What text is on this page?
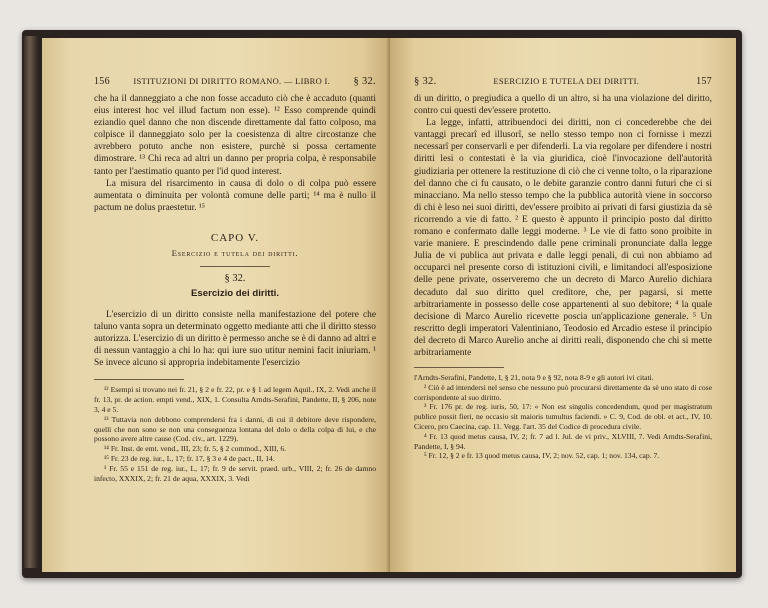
156	ISTITUZIONI DI DIRITTO ROMANO. — LIBRO I. § 32.

che ha il danneggiato a che non fosse accaduto ciò che è accaduto (quanti eius interest hoc vel illud factum non esse). ¹² Esso comprende quindi eziandio quel danno che non discende direttamente dal fatto colposo, ma colpisce il danneggiato solo per la coesistenza di altre circostanze che avrebbero potuto anche non esistere, purchè si possa certamente dimostrare. ¹³ Chi reca ad altri un danno per propria colpa, è responsabile tanto per l'aestimatio quanto per l'id quod interest.

La misura del risarcimento in causa di dolo o di colpa può essere aumentata o diminuita per volontà comune delle parti; ¹⁴ ma è nullo il pactum ne dolus praestetur. ¹⁵

CAPO V.
Esercizio e tutela dei diritti.
§ 32.
Esercizio dei diritti.

L'esercizio di un diritto consiste nella manifestazione del potere che taluno vanta sopra un determinato oggetto mediante atti che il diritto stesso autorizza. L'esercizio di un diritto è permesso anche se è di danno ad altri e di nessun vantaggio a chi lo ha: qui iure suo utitur nemini facit iniuriam. ¹ Se invece alcuno si appropria indebitamente l'esercizio

¹² Esempi si trovano nei fr. 21, § 2 e fr. 22, pr. e § 1 ad legem Aquil., IX, 2. Vedi anche il fr. 13, pr. de action. empti vend., XIX, 1. Consulta Arndts-Serafini, Pandette, II, § 206, note 3, 4 e 5.

¹³ Tuttavia non debbono comprendersi fra i danni, di cui il debitore deve rispondere, quelli che non sono se non una conseguenza lontana del dolo o della colpa di lui, e che possono avere altre cause (Cod. civ., art. 1229).

¹⁴ Fr. Inst. de emt. vend., III, 23; fr. 5, § 2 commod., XIII, 6.

¹⁵ Fr. 23 de reg. iur., L, 17; fr. 17, § 3 e 4 de pact., II, 14.

¹ Fr. 55 e 151 de reg. iur., L, 17; fr. 9 de servit. praed. urb., VIII, 2; fr. 26 de damno infecto, XXXIX, 2; fr. 21 de aqua, XXXIX, 3. Vedi

§ 32.	ESERCIZIO E TUTELA DEI DIRITTI.	157

di un diritto, o pregiudica a quello di un altro, si ha una violazione del diritto, contro cui questi dev'essere protetto.

La legge, infatti, attribuendoci dei diritti, non ci concederebbe che dei vantaggi precarî ed illusorî, se nello stesso tempo non ci fornisse i mezzi necessarî per conservarli e per difenderli. La via regolare per difendere i nostri diritti lesi o contestati è la via giuridica, cioè l'invocazione dell'autorità giudiziaria per ottenere la restituzione di ciò che ci venne tolto, o la riparazione del danno che ci fu causato, o le debite garanzie contro danni futuri che ci si minacciano. Ma nello stesso tempo che la pubblica autorità viene in soccorso di chi è leso nei suoi diritti, dev'essere proibito ai privati di farsi giustizia da sè ricorrendo a vie di fatto. ² E questo è appunto il principio posto dal diritto romano e confermato dalle leggi moderne. ³ Le vie di fatto sono proibite in varie maniere. E prescindendo dalle pene criminali pronunciate dalla legge Julia de vi publica aut privata e dalle leggi penali, di cui non abbiamo ad occuparci nel presente corso di istituzioni civili, e limitandoci all'esposizione delle pene private, osserveremo che un decreto di Marco Aurelio dichiara decaduto dal suo diritto quel creditore, che, per pagarsi, si mette arbitrariamente in possesso delle cose appartenenti al suo debitore; ⁴ la quale decisione di Marco Aurelio ricevette poscia un'applicazione generale. ⁵ Un rescritto degli imperatori Valentiniano, Teodosio ed Arcadio estese il principio del decreto di Marco Aurelio anche ai diritti reali, disponendo che chi si mette arbitrariamente

l'Arndts-Serafini, Pandette, I, § 21, nota 9 e § 92, nota 8-9 e gli autori ivi citati.

² Ciò è ad intendersi nel senso che nessuno può procurarsi direttamente da sè uno stato di cose corrispondente al suo diritto.

³ Fr. 176 pr. de reg. iuris, 50, 17: « Non est singulis concedendum, quod per magistratum publice possit fieri, ne occasio sit maioris tumultus faciendi. » C. 9, Cod. de obl. et act., IV, 10. Cicero, pro Caecina, cap. 11. Vegg. l'art. 35 del Codice di procedura civile.

⁴ Fr. 13 quod metus causa, IV, 2; fr. 7 ad l. Jul. de vi priv., XLVIII, 7. Vedi Arndts-Serafini, Pandette, I, § 94.

⁵ Fr. 12, § 2 e fr. 13 quod metus causa, IV, 2; nov. 52, cap. 1; nov. 134, cap. 7.
